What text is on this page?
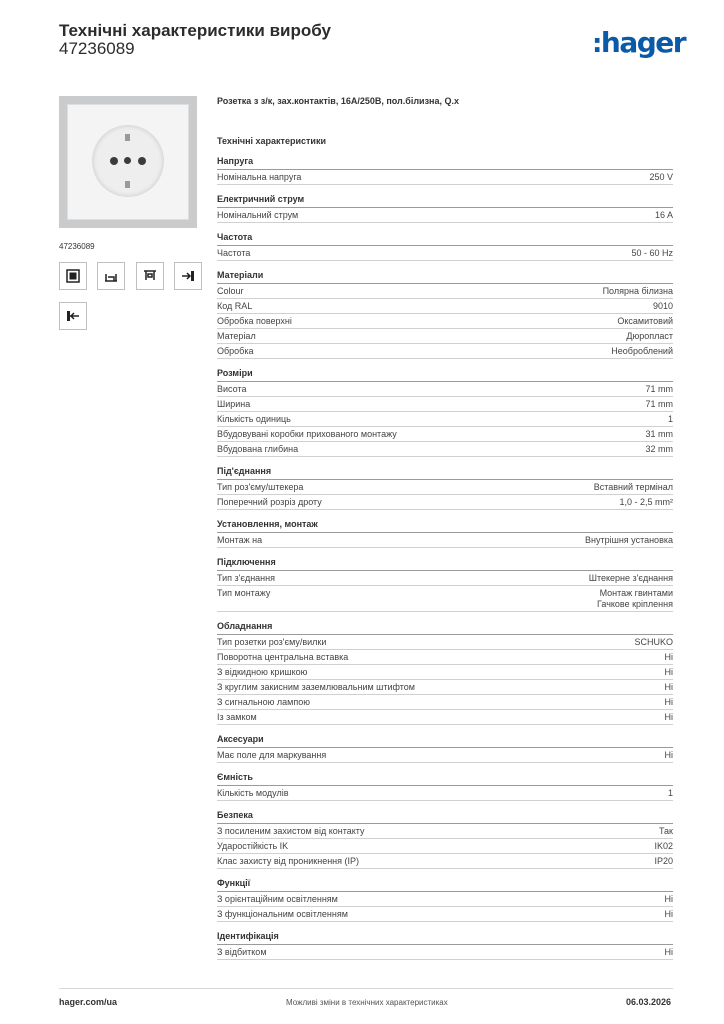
Технічні характеристики виробу
47236089	:hager
47236089
Розетка з з/к, зах.контактів, 16А/250В, пол.білизна, Q.x
Технічні характеристики
Напруга
Номінальна напруга	250 V
Електричний струм
Номінальний струм	16 A
Частота
Частота	50 - 60 Hz
Матеріали
Colour	Полярна білизна
Код RAL	9010
Обробка поверхні	Оксамитовий
Матеріал	Дюропласт
Обробка	Необроблений
Розміри
Висота	71 mm
Ширина	71 mm
Кількість одиниць	1
Вбудовувані коробки прихованого монтажу	31 mm
Вбудована глибина	32 mm
Під'єднання
Тип роз'єму/штекера	Вставний термінал
Поперечний розріз дроту	1,0 - 2,5 mm²
Установлення, монтаж
Монтаж на	Внутрішня установка
Підключення
Тип з'єднання	Штекерне з'єднання
Тип монтажу	Монтаж гвинтами
Гачкове кріплення
Обладнання
Тип розетки роз'єму/вилки	SCHUKO
Поворотна центральна вставка	Ні
З відкидною кришкою	Ні
З круглим закисним заземлювальним штифтом	Ні
З сигнальною лампою	Ні
Із замком	Ні
Аксесуари
Має поле для маркування	Ні
Ємність
Кількість модулів	1
Безпека
З посиленим захистом від контакту	Так
Ударостійкість IK	IK02
Клас захисту від проникнення (IP)	IP20
Функції
З орієнтаційним освітленням	Ні
З функціональним освітленням	Ні
Ідентифікація
З відбитком	Ні
hager.com/ua	Можливі зміни в технічних характеристиках	06.03.2026
